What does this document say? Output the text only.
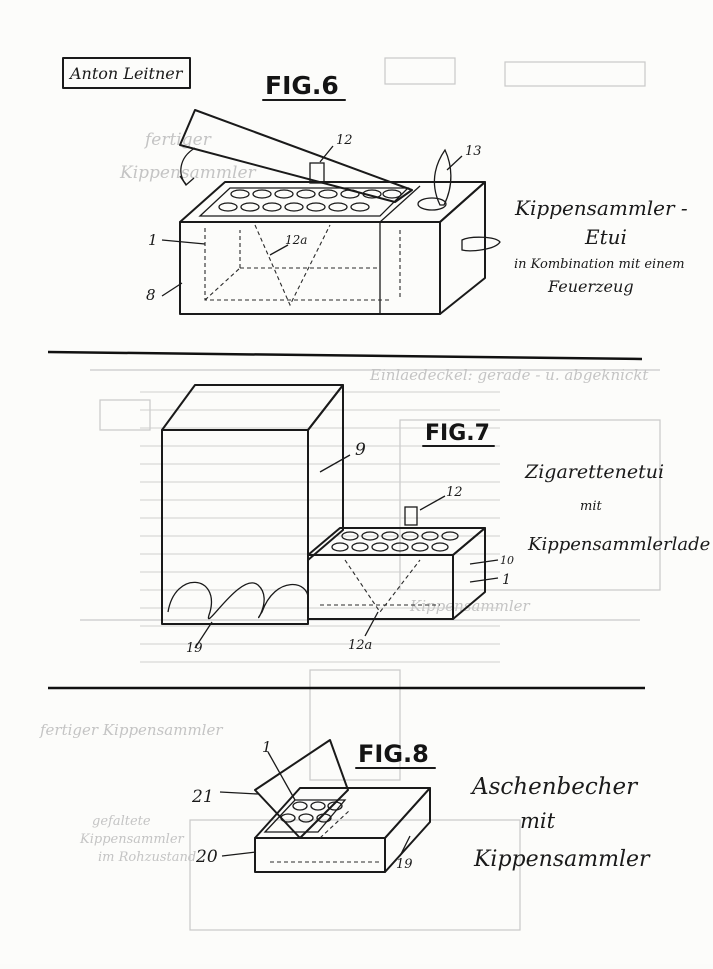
fertiger
Kippensammler
Einlaedeckel: gerade - u. abgeknickt
Kippensammler
fertiger Kippensammler
gefaltete
Kippensammler
im Rohzustand
Anton Leitner	FIG.6
12
13
1
8
12a
Kippensammler -
Etui
in Kombination mit einem
Feuerzeug
FIG.7
9
12
10
1
19	12a
Zigarettenetui
mit
Kippensammlerlade
FIG.8
1
21
20	19
Aschenbecher
mit
Kippensammler
